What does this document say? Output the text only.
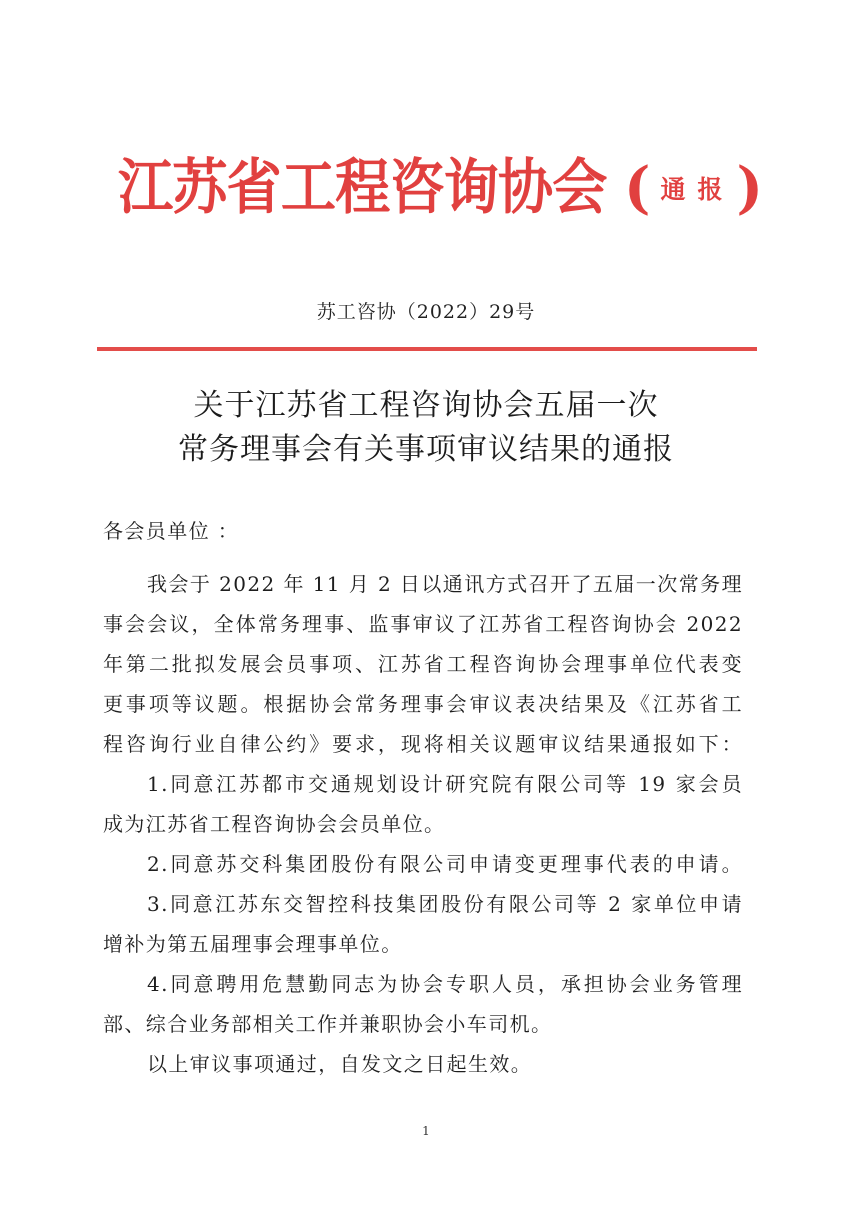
江苏省工程咨询协会 ( 通报 )
苏工咨协（2022）29号
关于江苏省工程咨询协会五届一次
常务理事会有关事项审议结果的通报
各会员单位 ：
我会于 2022 年 11 月 2 日以通讯方式召开了五届一次常务理
事会会议，全体常务理事、监事审议了江苏省工程咨询协会 2022
年第二批拟发展会员事项、江苏省工程咨询协会理事单位代表变
更事项等议题。根据协会常务理事会审议表决结果及《江苏省工
程咨询行业自律公约》要求，现将相关议题审议结果通报如下：
1.同意江苏都市交通规划设计研究院有限公司等 19 家会员
成为江苏省工程咨询协会会员单位。
2.同意苏交科集团股份有限公司申请变更理事代表的申请。
3.同意江苏东交智控科技集团股份有限公司等 2 家单位申请
增补为第五届理事会理事单位。
4.同意聘用危慧勤同志为协会专职人员，承担协会业务管理
部、综合业务部相关工作并兼职协会小车司机。
以上审议事项通过，自发文之日起生效。
1
